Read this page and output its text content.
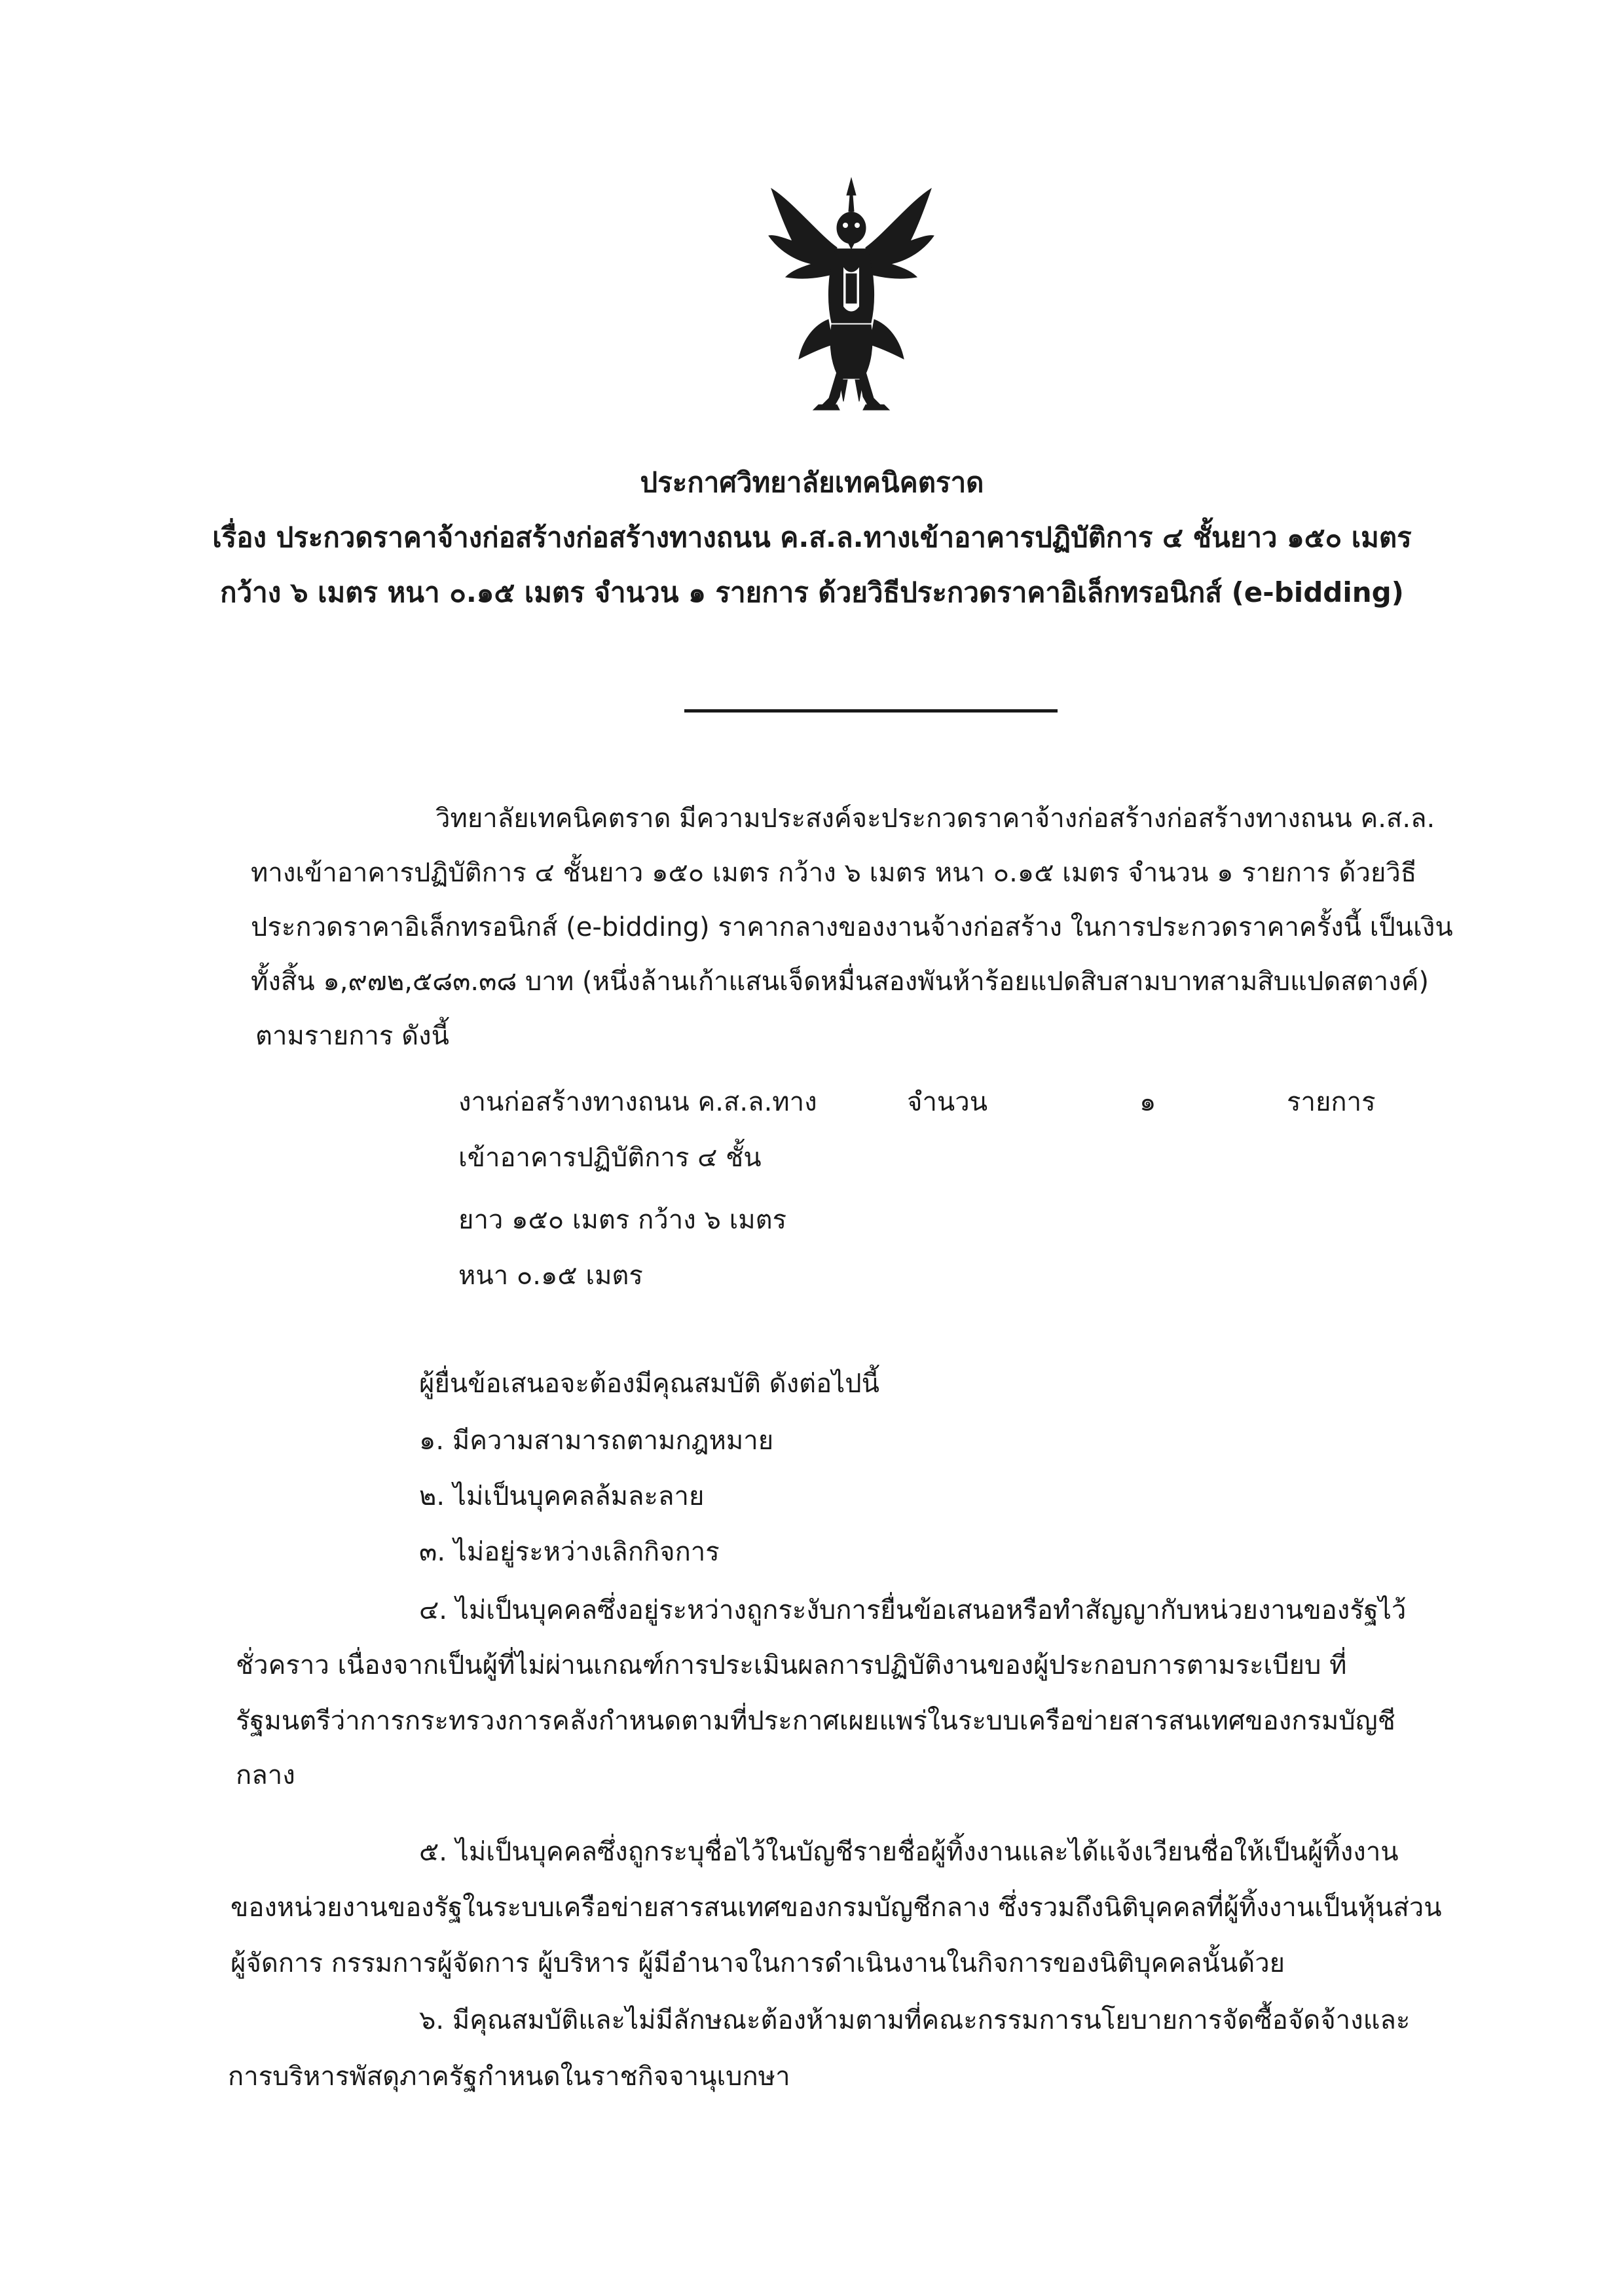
ประกาศวิทยาลัยเทคนิคตราด
เรื่อง ประกวดราคาจ้างก่อสร้างก่อสร้างทางถนน ค.ส.ล.ทางเข้าอาคารปฏิบัติการ ๔ ชั้นยาว ๑๕๐ เมตร
กว้าง ๖ เมตร หนา ๐.๑๕ เมตร จำนวน ๑ รายการ ด้วยวิธีประกวดราคาอิเล็กทรอนิกส์ (e-bidding)
วิทยาลัยเทคนิคตราด มีความประสงค์จะประกวดราคาจ้างก่อสร้างก่อสร้างทางถนน ค.ส.ล.
ทางเข้าอาคารปฏิบัติการ ๔ ชั้นยาว ๑๕๐ เมตร กว้าง ๖ เมตร หนา ๐.๑๕ เมตร จำนวน ๑ รายการ ด้วยวิธี
ประกวดราคาอิเล็กทรอนิกส์ (e-bidding) ราคากลางของงานจ้างก่อสร้าง ในการประกวดราคาครั้งนี้ เป็นเงิน
ทั้งสิ้น ๑,๙๗๒,๕๘๓.๓๘ บาท (หนึ่งล้านเก้าแสนเจ็ดหมื่นสองพันห้าร้อยแปดสิบสามบาทสามสิบแปดสตางค์)
ตามรายการ ดังนี้
งานก่อสร้างทางถนน ค.ส.ล.ทาง
เข้าอาคารปฏิบัติการ ๔ ชั้น
ยาว ๑๕๐ เมตร กว้าง ๖ เมตร
หนา ๐.๑๕ เมตร
จำนวน	๑	รายการ
ผู้ยื่นข้อเสนอจะต้องมีคุณสมบัติ ดังต่อไปนี้
๑. มีความสามารถตามกฎหมาย
๒. ไม่เป็นบุคคลล้มละลาย
๓. ไม่อยู่ระหว่างเลิกกิจการ
๔. ไม่เป็นบุคคลซึ่งอยู่ระหว่างถูกระงับการยื่นข้อเสนอหรือทำสัญญากับหน่วยงานของรัฐไว้
ชั่วคราว เนื่องจากเป็นผู้ที่ไม่ผ่านเกณฑ์การประเมินผลการปฏิบัติงานของผู้ประกอบการตามระเบียบ ที่
รัฐมนตรีว่าการกระทรวงการคลังกำหนดตามที่ประกาศเผยแพร่ในระบบเครือข่ายสารสนเทศของกรมบัญชี
กลาง
๕. ไม่เป็นบุคคลซึ่งถูกระบุชื่อไว้ในบัญชีรายชื่อผู้ทิ้งงานและได้แจ้งเวียนชื่อให้เป็นผู้ทิ้งงาน
ของหน่วยงานของรัฐในระบบเครือข่ายสารสนเทศของกรมบัญชีกลาง ซึ่งรวมถึงนิติบุคคลที่ผู้ทิ้งงานเป็นหุ้นส่วน
ผู้จัดการ กรรมการผู้จัดการ ผู้บริหาร ผู้มีอำนาจในการดำเนินงานในกิจการของนิติบุคคลนั้นด้วย
๖. มีคุณสมบัติและไม่มีลักษณะต้องห้ามตามที่คณะกรรมการนโยบายการจัดซื้อจัดจ้างและ
การบริหารพัสดุภาครัฐกำหนดในราชกิจจานุเบกษา
